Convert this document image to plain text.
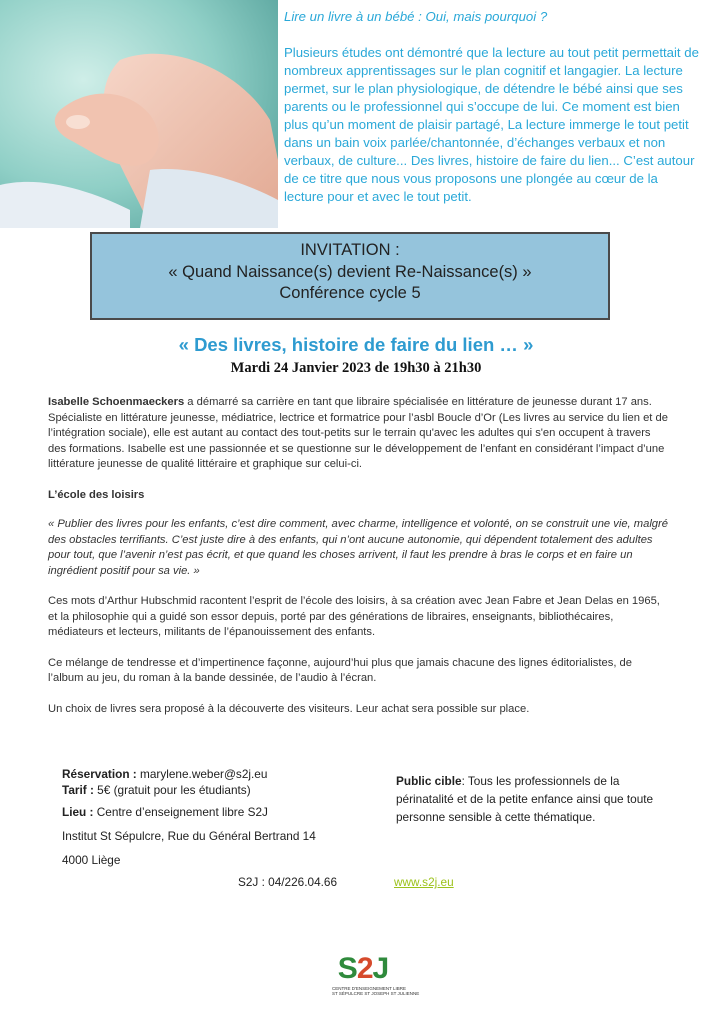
Lire un livre à un bébé : Oui, mais pourquoi ?

Plusieurs études ont démontré que la lecture au tout petit permettait de nombreux apprentissages sur le plan cognitif et langagier. La lecture permet, sur le plan physiologique, de détendre le bébé ainsi que ses parents ou le professionnel qui s’occupe de lui. Ce moment est bien plus qu’un moment de plaisir partagé, La lecture immerge le tout petit dans un bain voix parlée/chantonnée, d’échanges verbaux et non verbaux, de culture... Des livres, histoire de faire du lien... C’est autour de ce titre que nous vous proposons une plongée au cœur de la lecture pour et avec le tout petit.

INVITATION :
« Quand Naissance(s) devient Re-Naissance(s) »
Conférence cycle 5
« Des livres, histoire de faire du lien … »
Mardi 24 Janvier 2023 de 19h30 à 21h30

Isabelle Schoenmaeckers a démarré sa carrière en tant que libraire spécialisée en littérature de jeunesse durant 17 ans.

Spécialiste en littérature jeunesse, médiatrice, lectrice et formatrice pour l’asbl Boucle d’Or (Les livres au service du lien et de l’intégration sociale), elle est autant au contact des tout-petits sur le terrain qu'avec les adultes qui s'en occupent à travers des formations. Isabelle est une passionnée et se questionne sur le développement de l’enfant en considérant l’impact d’une littérature jeunesse de qualité littéraire et graphique sur celui-ci.

L’école des loisirs

« Publier des livres pour les enfants, c’est dire comment, avec charme, intelligence et volonté, on se construit une vie, malgré des obstacles terrifiants. C’est juste dire à des enfants, qui n’ont aucune autonomie, qui dépendent totalement des adultes pour tout, que l’avenir n’est pas écrit, et que quand les choses arrivent, il faut les prendre à bras le corps et en faire un ingrédient positif pour sa vie. »

Ces mots d’Arthur Hubschmid racontent l’esprit de l’école des loisirs, à sa création avec Jean Fabre et Jean Delas en 1965, et la philosophie qui a guidé son essor depuis, porté par des générations de libraires, enseignants, bibliothécaires, médiateurs et lecteurs, militants de l’épanouissement des enfants.

Ce mélange de tendresse et d’impertinence façonne, aujourd’hui plus que jamais chacune des lignes éditorialistes, de l’album au jeu, du roman à la bande dessinée, de l’audio à l’écran.

Un choix de livres sera proposé à la découverte des visiteurs. Leur achat sera possible sur place.

Réservation : marylene.weber@s2j.eu
Tarif : 5€ (gratuit pour les étudiants)
Lieu : Centre d’enseignement libre S2J
Institut St Sépulcre, Rue du Général Bertrand 14
4000 Liège
Public cible: Tous les professionnels de la périnatalité et de la petite enfance ainsi que toute personne sensible à cette thématique.
S2J : 04/226.04.66	www.s2j.eu
S2J
CENTRE D'ENSEIGNEMENT LIBRE
ST SÉPULCRE ST JOSEPH ST JULIENNE
